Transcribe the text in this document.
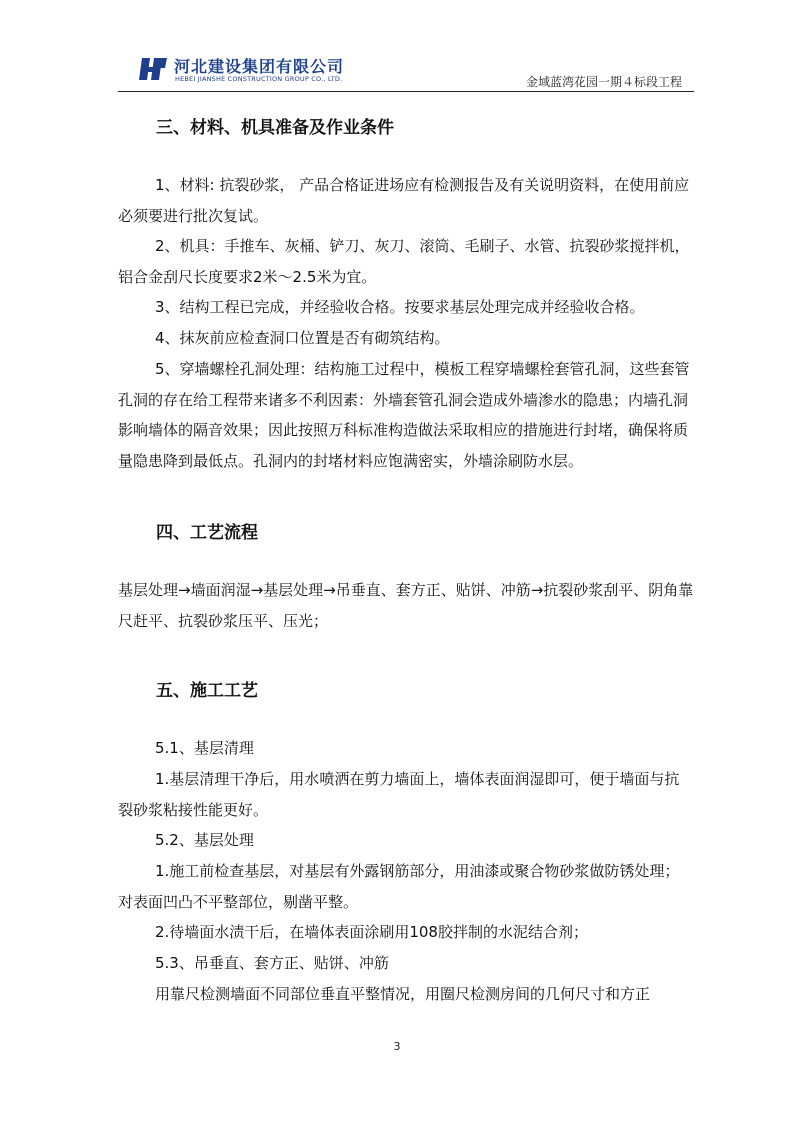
河北建设集团有限公司
HEBEI JIANSHE CONSTRUCTION GROUP CO., LTD.	金域蓝湾花园一期４标段工程
三、材料、机具准备及作业条件

1、材料: 抗裂砂浆， 产品合格证进场应有检测报告及有关说明资料，在使用前应必须要进行批次复试。

2、机具：手推车、灰桶、铲刀、灰刀、滚筒、毛刷子、水管、抗裂砂浆搅拌机，铝合金刮尺长度要求2米～2.5米为宜。

3、结构工程已完成，并经验收合格。按要求基层处理完成并经验收合格。

4、抹灰前应检查洞口位置是否有砌筑结构。

5、穿墙螺栓孔洞处理：结构施工过程中，模板工程穿墙螺栓套管孔洞，这些套管孔洞的存在给工程带来诸多不利因素：外墙套管孔洞会造成外墙渗水的隐患；内墙孔洞影响墙体的隔音效果；因此按照万科标准构造做法采取相应的措施进行封堵，确保将质量隐患降到最低点。孔洞内的封堵材料应饱满密实，外墙涂刷防水层。

四、工艺流程

基层处理→墙面润湿→基层处理→吊垂直、套方正、贴饼、冲筋→抗裂砂浆刮平、阴角靠尺赶平、抗裂砂浆压平、压光；

五、施工工艺

5.1、基层清理

1.基层清理干净后，用水喷洒在剪力墙面上，墙体表面润湿即可，便于墙面与抗裂砂浆粘接性能更好。

5.2、基层处理

1.施工前检查基层，对基层有外露钢筋部分，用油漆或聚合物砂浆做防锈处理；对表面凹凸不平整部位，剔凿平整。

2.待墙面水渍干后，在墙体表面涂刷用108胶拌制的水泥结合剂；

5.3、吊垂直、套方正、贴饼、冲筋

用靠尺检测墙面不同部位垂直平整情况，用圈尺检测房间的几何尺寸和方正

3
